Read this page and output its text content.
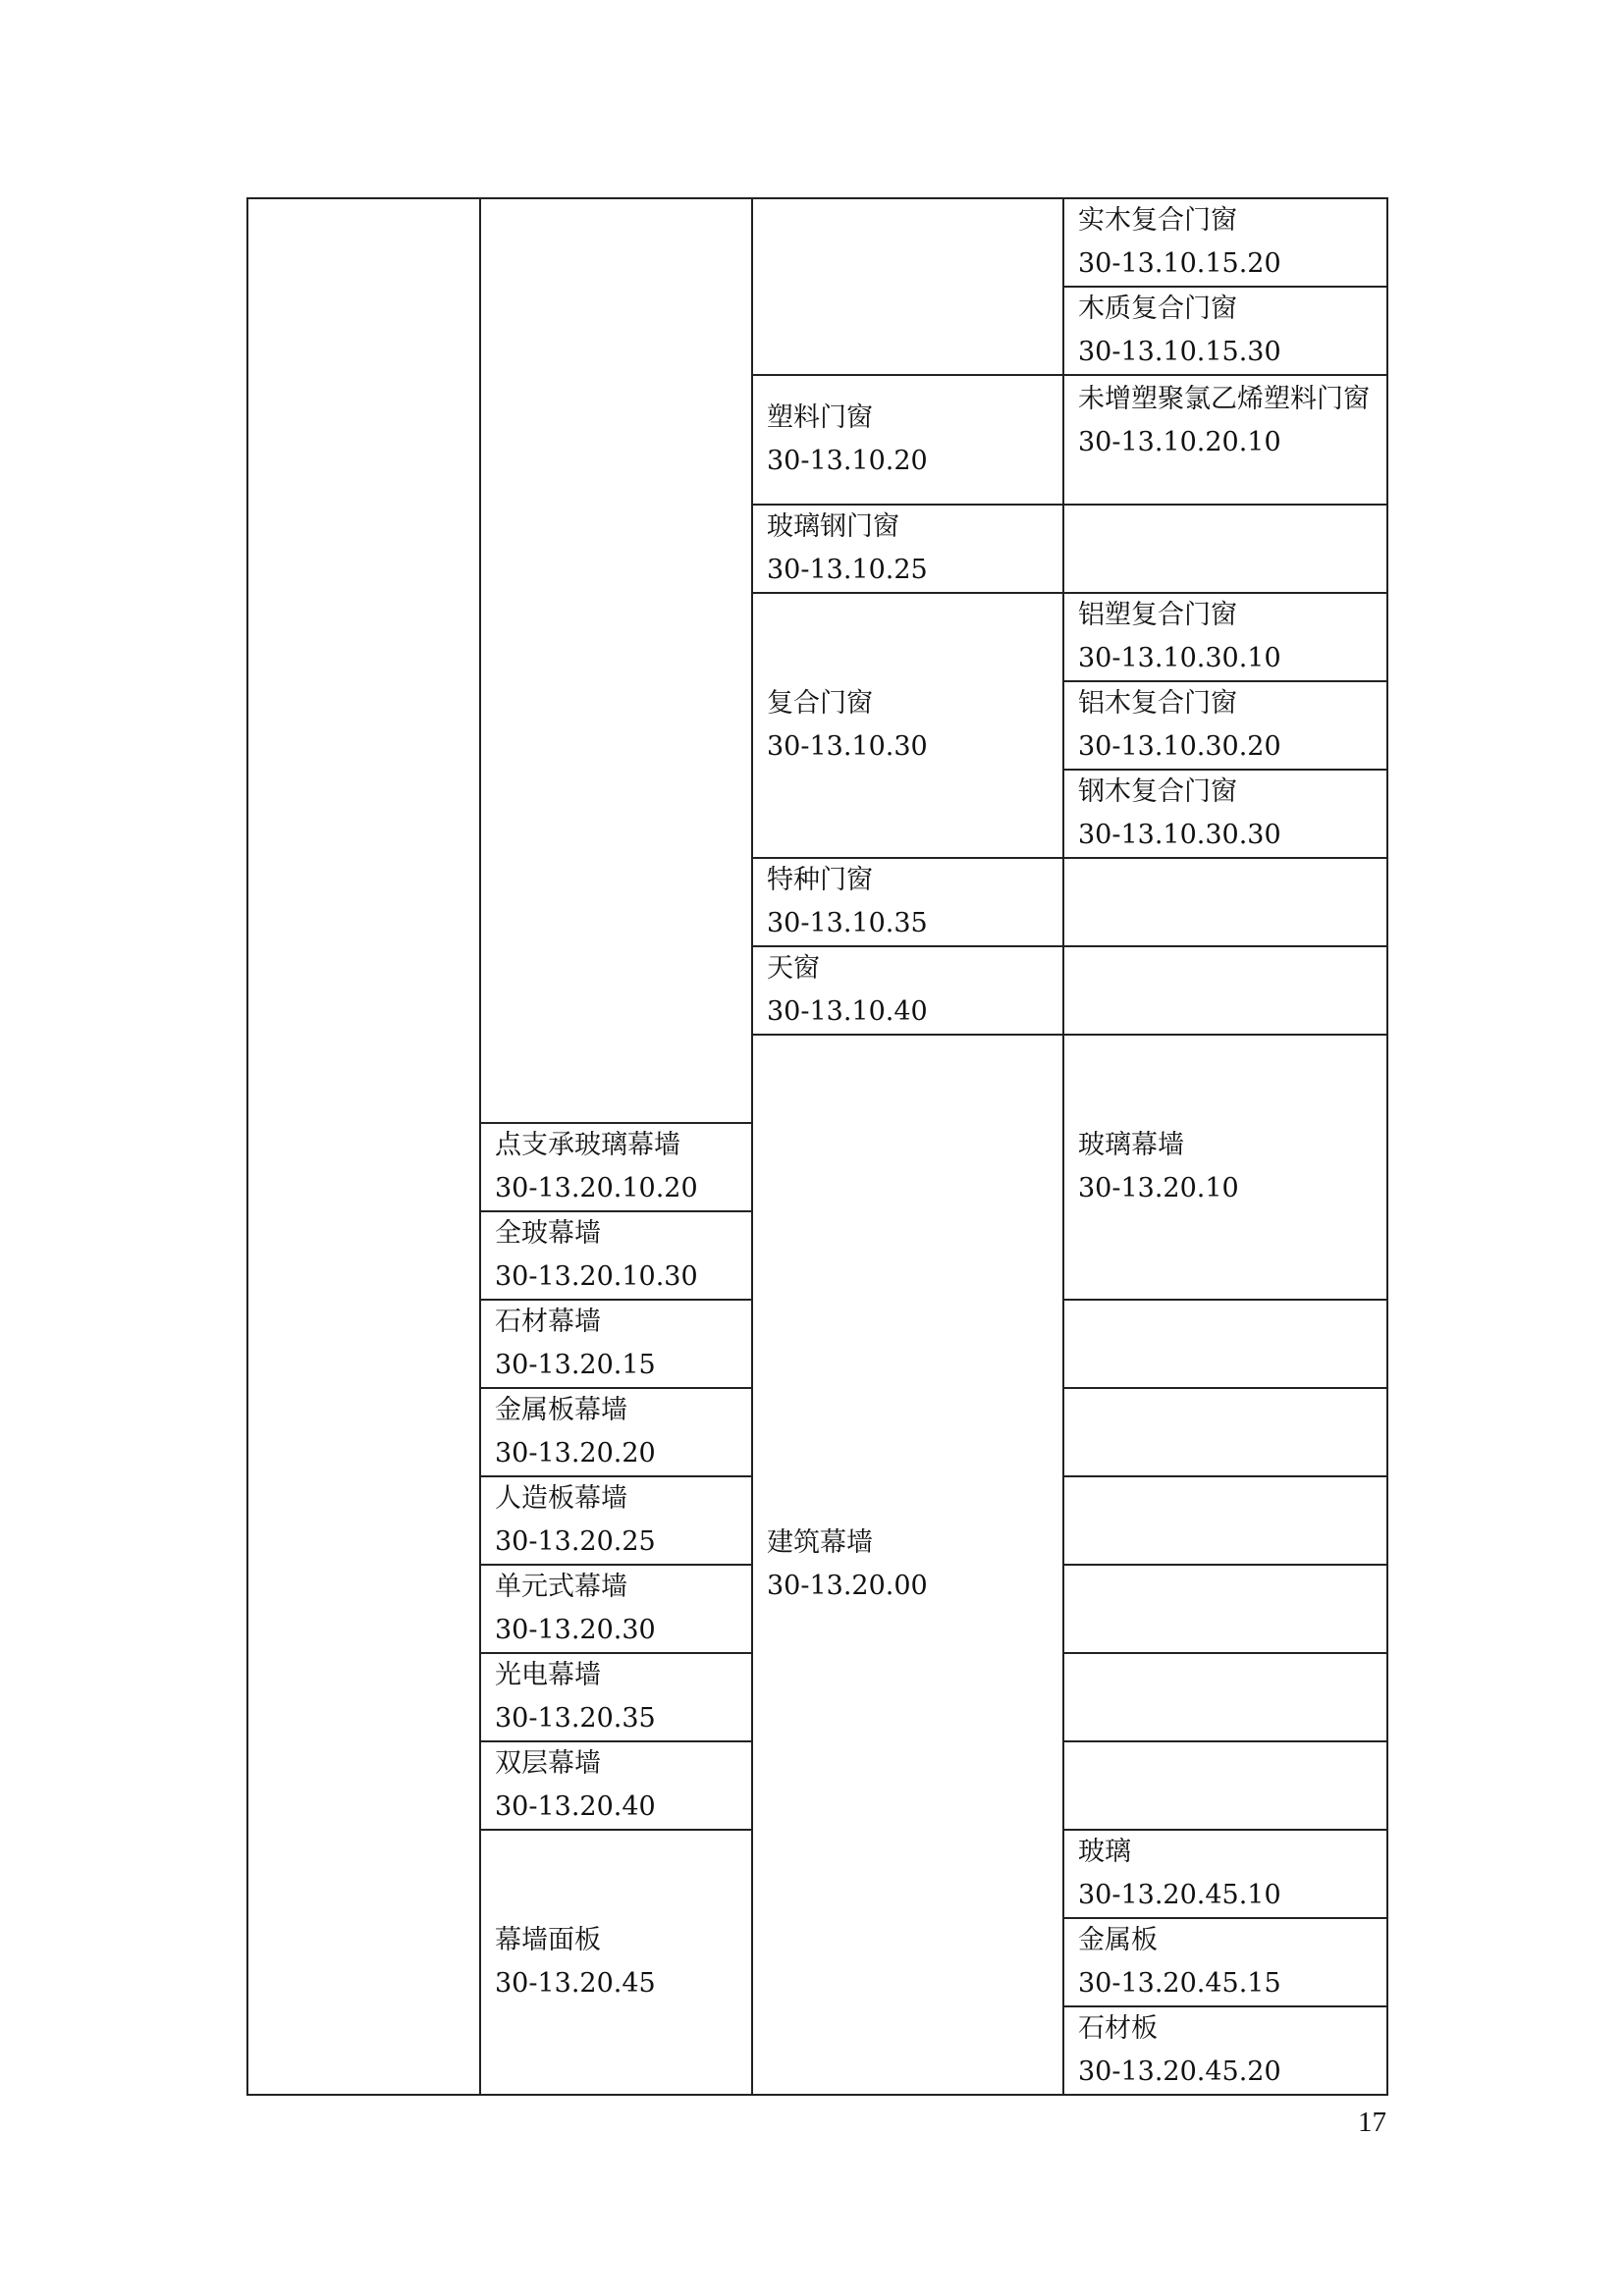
			实木复合门窗
30-13.10.15.20	

			木质复合门窗
30-13.10.15.30	

		塑料门窗
30-13.10.20	未增塑聚氯乙烯塑料门窗
30-13.10.20.10	

		玻璃钢门窗
30-13.10.25		

		复合门窗
30-13.10.30	铝塑复合门窗
30-13.10.30.10	

			铝木复合门窗
30-13.10.30.20	

			钢木复合门窗
30-13.10.30.30	

		特种门窗
30-13.10.35		

		天窗
30-13.10.40		

		建筑幕墙
30-13.20.00	玻璃幕墙
30-13.20.10

	点支承玻璃幕墙
30-13.20.10.20			

	全玻幕墙
30-13.20.10.30			

	石材幕墙
30-13.20.15			

	金属板幕墙
30-13.20.20			

	人造板幕墙
30-13.20.25			

	单元式幕墙
30-13.20.30			

	光电幕墙
30-13.20.35			

	双层幕墙
30-13.20.40			

	幕墙面板
30-13.20.45		玻璃
30-13.20.45.10	

			金属板
30-13.20.45.15	

			石材板
30-13.20.45.20	
17
